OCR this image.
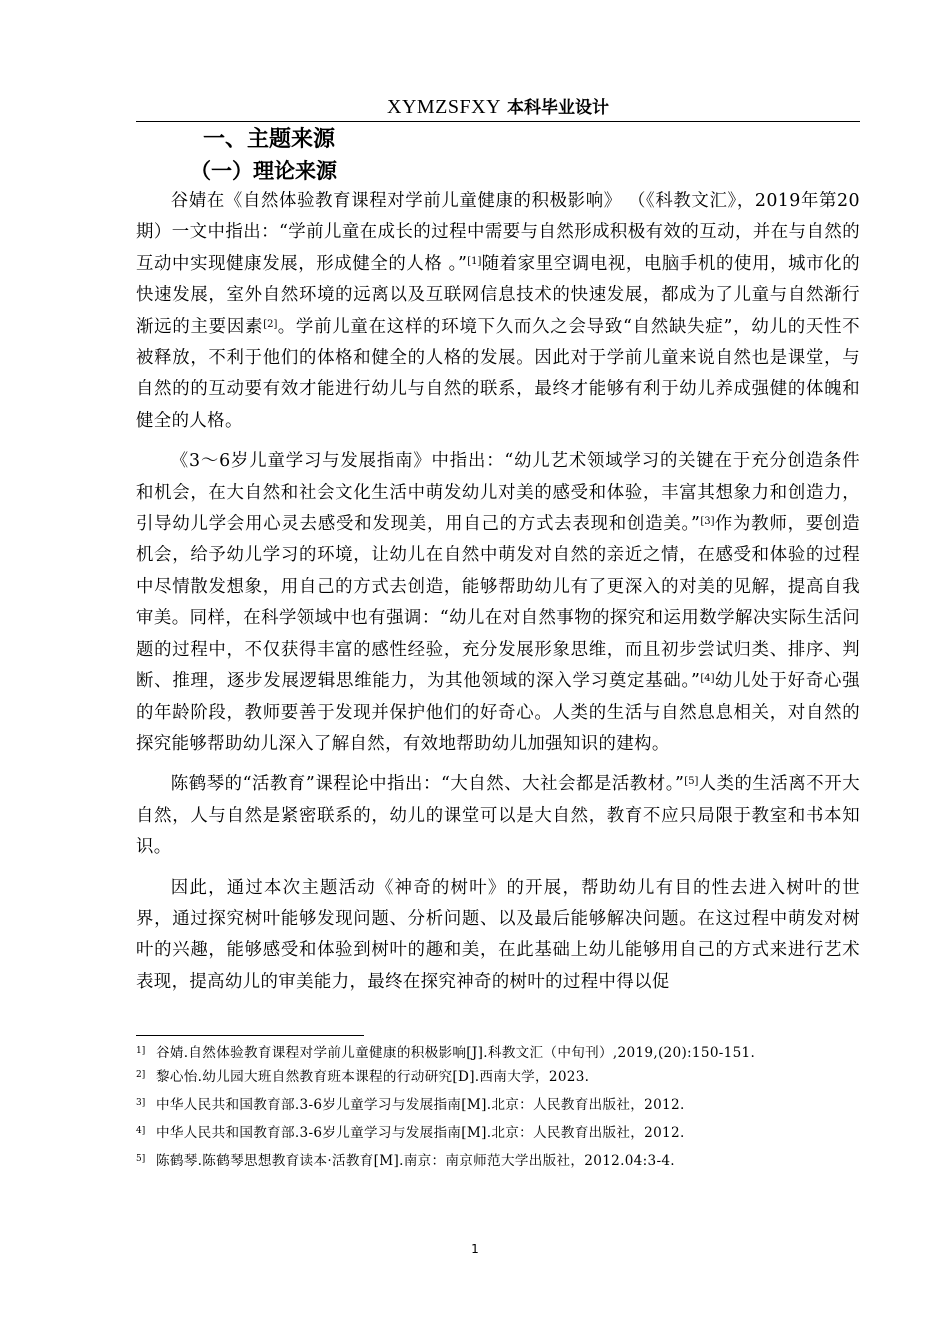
XYMZSFXY 本科毕业设计
一、主题来源
（一）理论来源

谷婧在《自然体验教育课程对学前儿童健康的积极影响》 （《科教文汇》，2019年第20期）一文中指出：“学前儿童在成长的过程中需要与自然形成积极有效的互动，并在与自然的互动中实现健康发展，形成健全的人格 。”[1]随着家里空调电视，电脑手机的使用，城市化的快速发展，室外自然环境的远离以及互联网信息技术的快速发展，都成为了儿童与自然渐行渐远的主要因素[2]。学前儿童在这样的环境下久而久之会导致“自然缺失症”，幼儿的天性不被释放，不利于他们的体格和健全的人格的发展。因此对于学前儿童来说自然也是课堂，与自然的的互动要有效才能进行幼儿与自然的联系，最终才能够有利于幼儿养成强健的体魄和健全的人格。

《3～6岁儿童学习与发展指南》中指出：“幼儿艺术领域学习的关键在于充分创造条件和机会，在大自然和社会文化生活中萌发幼儿对美的感受和体验，丰富其想象力和创造力，引导幼儿学会用心灵去感受和发现美，用自己的方式去表现和创造美。”[3]作为教师，要创造机会，给予幼儿学习的环境，让幼儿在自然中萌发对自然的亲近之情，在感受和体验的过程中尽情散发想象，用自己的方式去创造，能够帮助幼儿有了更深入的对美的见解，提高自我审美。同样，在科学领域中也有强调：“幼儿在对自然事物的探究和运用数学解决实际生活问题的过程中，不仅获得丰富的感性经验，充分发展形象思维，而且初步尝试归类、排序、判断、推理，逐步发展逻辑思维能力，为其他领域的深入学习奠定基础。”[4]幼儿处于好奇心强的年龄阶段，教师要善于发现并保护他们的好奇心。人类的生活与自然息息相关，对自然的探究能够帮助幼儿深入了解自然，有效地帮助幼儿加强知识的建构。

陈鹤琴的“活教育”课程论中指出：“大自然、大社会都是活教材。”[5]人类的生活离不开大自然，人与自然是紧密联系的，幼儿的课堂可以是大自然，教育不应只局限于教室和书本知识。

因此，通过本次主题活动《神奇的树叶》的开展，帮助幼儿有目的性去进入树叶的世界，通过探究树叶能够发现问题、分析问题、以及最后能够解决问题。在这过程中萌发对树叶的兴趣，能够感受和体验到树叶的趣和美，在此基础上幼儿能够用自己的方式来进行艺术表现，提高幼儿的审美能力，最终在探究神奇的树叶的过程中得以促

1] 谷婧.自然体验教育课程对学前儿童健康的积极影响[J].科教文汇（中旬刊）,2019,(20):150-151.
2] 黎心怡.幼儿园大班自然教育班本课程的行动研究[D].西南大学，2023.
3] 中华人民共和国教育部.3-6岁儿童学习与发展指南[M].北京：人民教育出版社，2012.
4] 中华人民共和国教育部.3-6岁儿童学习与发展指南[M].北京：人民教育出版社，2012.
5] 陈鹤琴.陈鹤琴思想教育读本·活教育[M].南京：南京师范大学出版社，2012.04:3-4.
1
